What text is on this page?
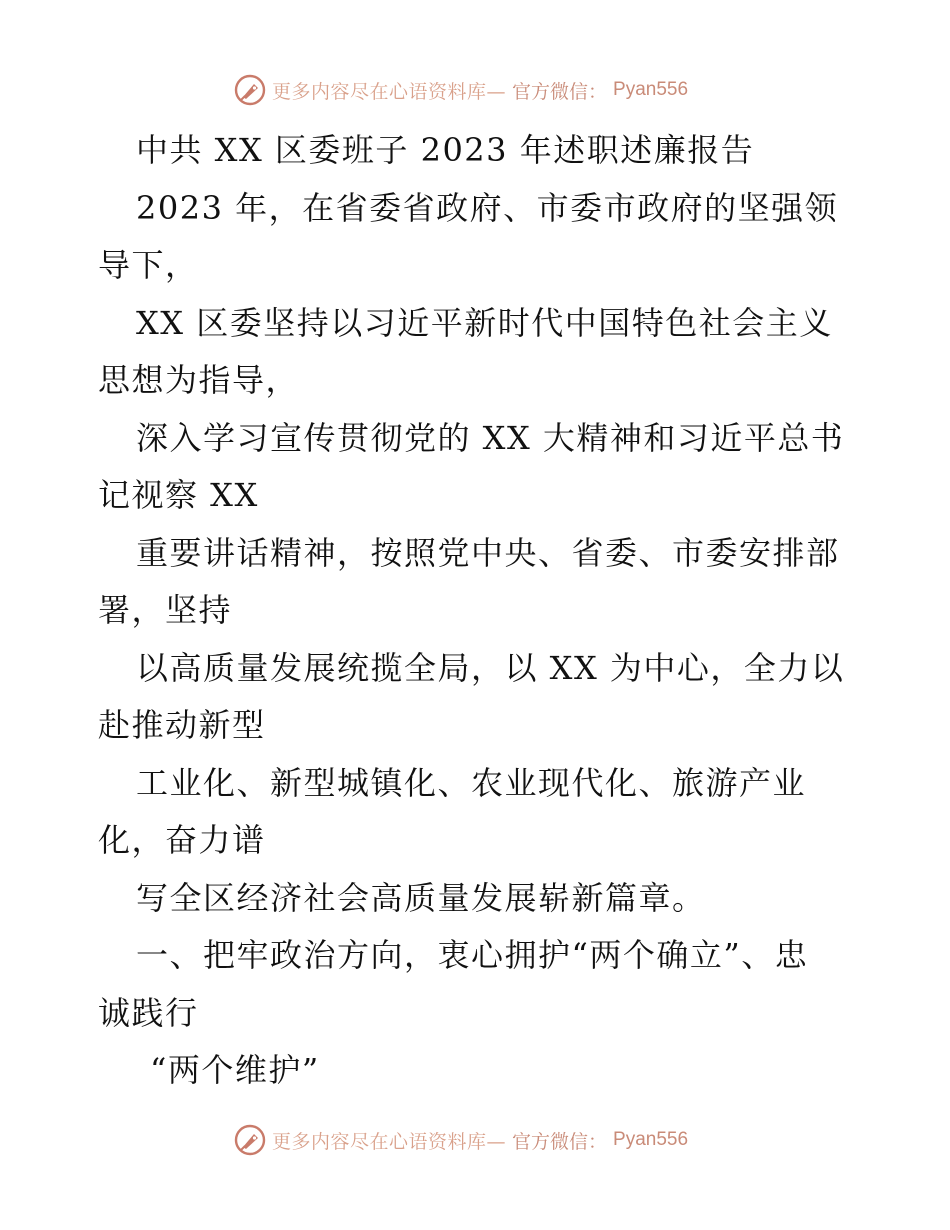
更多内容尽在心语资料库— 官方微信： Pyan556
中共 XX 区委班子 2023 年述职述廉报告
2023 年，在省委省政府、市委市政府的坚强领
导下，
XX 区委坚持以习近平新时代中国特色社会主义
思想为指导，
深入学习宣传贯彻党的 XX 大精神和习近平总书
记视察 XX
重要讲话精神，按照党中央、省委、市委安排部
署，坚持
以高质量发展统揽全局，以 XX 为中心，全力以
赴推动新型
工业化、新型城镇化、农业现代化、旅游产业
化，奋力谱
写全区经济社会高质量发展崭新篇章。
一、把牢政治方向，衷心拥护“两个确立”、忠
诚践行
“两个维护”
更多内容尽在心语资料库— 官方微信： Pyan556
